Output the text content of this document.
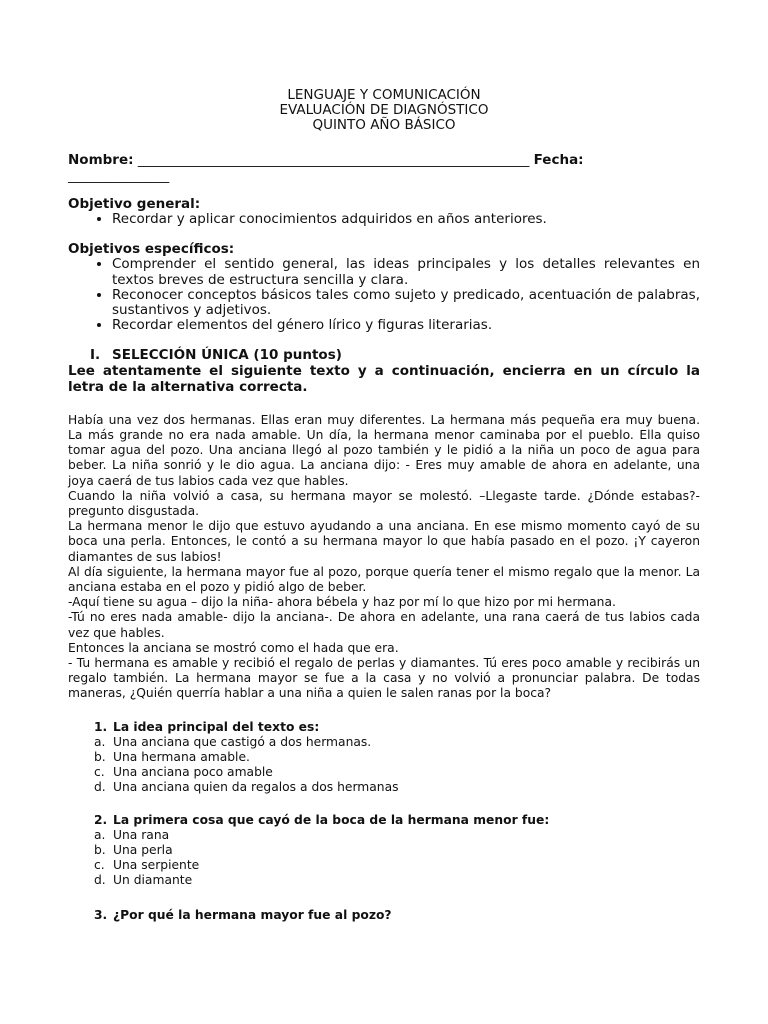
LENGUAJE Y COMUNICACIÓN
EVALUACIÓN DE DIAGNÓSTICO
QUINTO AÑO BÁSICO
Nombre: __________________________________________________________ Fecha:
_______________

Objetivo general:

• Recordar y aplicar conocimientos adquiridos en años anteriores.

Objetivos específicos:

• Comprender el sentido general, las ideas principales y los detalles relevantes en textos breves de estructura sencilla y clara.
• Reconocer conceptos básicos tales como sujeto y predicado, acentuación de palabras, sustantivos y adjetivos.
• Recordar elementos del género lírico y figuras literarias.

I. SELECCIÓN ÚNICA (10 puntos)

Lee atentamente el siguiente texto y a continuación, encierra en un círculo la letra de la alternativa correcta.

Había una vez dos hermanas. Ellas eran muy diferentes. La hermana más pequeña era muy buena. La más grande no era nada amable. Un día, la hermana menor caminaba por el pueblo. Ella quiso tomar agua del pozo. Una anciana llegó al pozo también y le pidió a la niña un poco de agua para beber. La niña sonrió y le dio agua. La anciana dijo: - Eres muy amable de ahora en adelante, una joya caerá de tus labios cada vez que hables.

Cuando la niña volvió a casa, su hermana mayor se molestó. –Llegaste tarde. ¿Dónde estabas?- pregunto disgustada.

La hermana menor le dijo que estuvo ayudando a una anciana. En ese mismo momento cayó de su boca una perla. Entonces, le contó a su hermana mayor lo que había pasado en el pozo. ¡Y cayeron diamantes de sus labios!

Al día siguiente, la hermana mayor fue al pozo, porque quería tener el mismo regalo que la menor. La anciana estaba en el pozo y pidió algo de beber.

-Aquí tiene su agua – dijo la niña- ahora bébela y haz por mí lo que hizo por mi hermana.

-Tú no eres nada amable- dijo la anciana-. De ahora en adelante, una rana caerá de tus labios cada vez que hables.

Entonces la anciana se mostró como el hada que era.

- Tu hermana es amable y recibió el regalo de perlas y diamantes. Tú eres poco amable y recibirás un regalo también. La hermana mayor se fue a la casa y no volvió a pronunciar palabra. De todas maneras, ¿Quién querría hablar a una niña a quien le salen ranas por la boca?

1. La idea principal del texto es:

a. Una anciana que castigó a dos hermanas.
b. Una hermana amable.
c. Una anciana poco amable
d. Una anciana quien da regalos a dos hermanas

2. La primera cosa que cayó de la boca de la hermana menor fue:

a. Una rana
b. Una perla
c. Una serpiente
d. Un diamante

3. ¿Por qué la hermana mayor fue al pozo?
